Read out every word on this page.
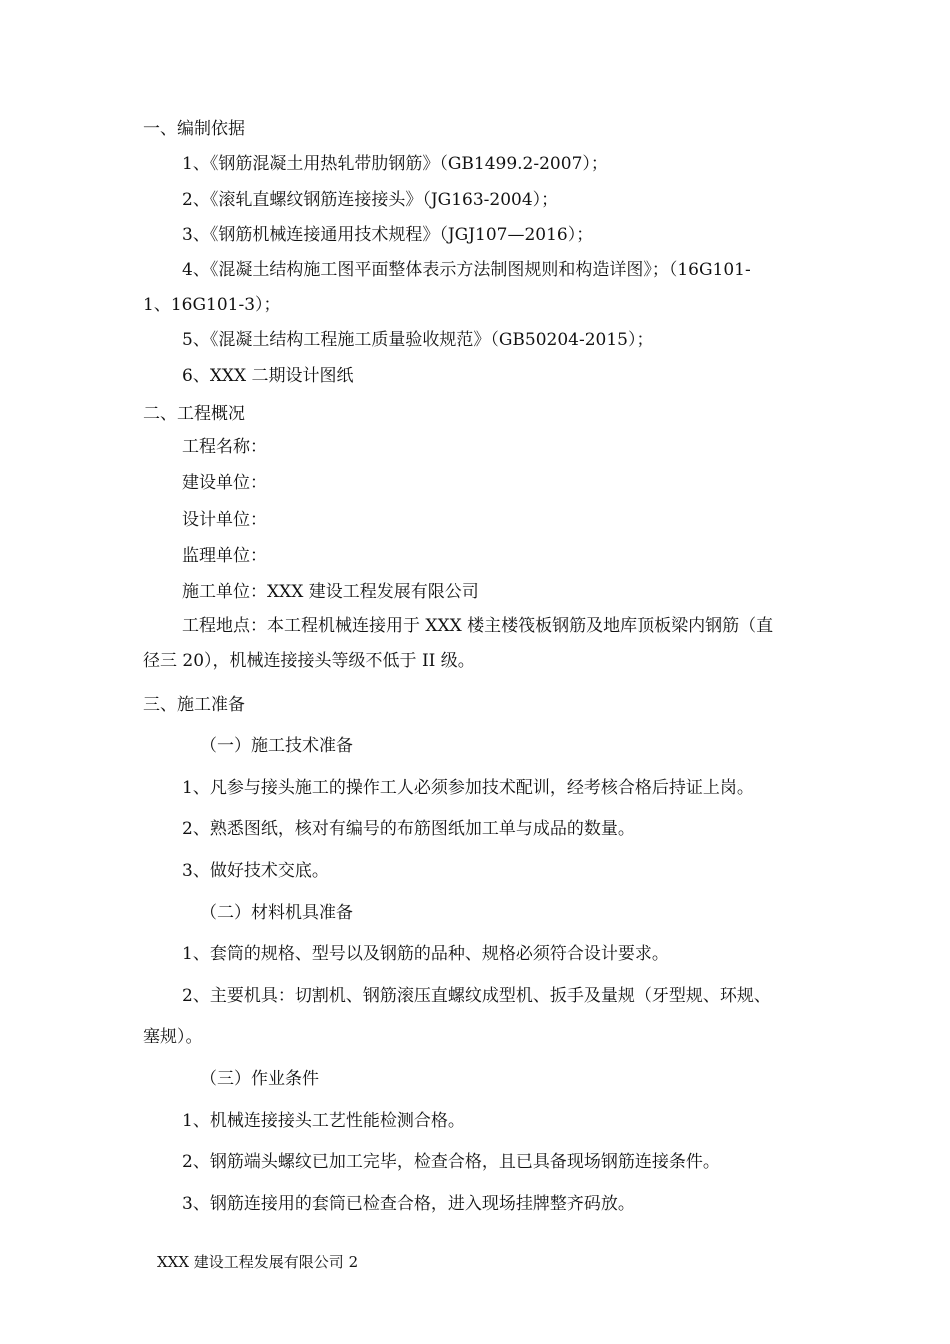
一、编制依据
1、《钢筋混凝土用热轧带肋钢筋》（GB1499.2-2007）；
2、《滚轧直螺纹钢筋连接接头》（JG163-2004）；
3、《钢筋机械连接通用技术规程》（JGJ107—2016）；
4、《混凝土结构施工图平面整体表示方法制图规则和构造详图》；（16G101-
1、16G101-3）；
5、《混凝土结构工程施工质量验收规范》（GB50204-2015）；
6、XXX 二期设计图纸
二、工程概况
工程名称：
建设单位：
设计单位：
监理单位：
施工单位：XXX 建设工程发展有限公司
工程地点：本工程机械连接用于 XXX 楼主楼筏板钢筋及地库顶板梁内钢筋（直
径三 20），机械连接接头等级不低于 II 级。
三、施工准备
（一）施工技术准备
1、凡参与接头施工的操作工人必须参加技术配训，经考核合格后持证上岗。
2、熟悉图纸，核对有编号的布筋图纸加工单与成品的数量。
3、做好技术交底。
（二）材料机具准备
1、套筒的规格、型号以及钢筋的品种、规格必须符合设计要求。
2、主要机具：切割机、钢筋滚压直螺纹成型机、扳手及量规（牙型规、环规、
塞规）。
（三）作业条件
1、机械连接接头工艺性能检测合格。
2、钢筋端头螺纹已加工完毕，检查合格，且已具备现场钢筋连接条件。
3、钢筋连接用的套筒已检查合格，进入现场挂牌整齐码放。
XXX 建设工程发展有限公司 2
